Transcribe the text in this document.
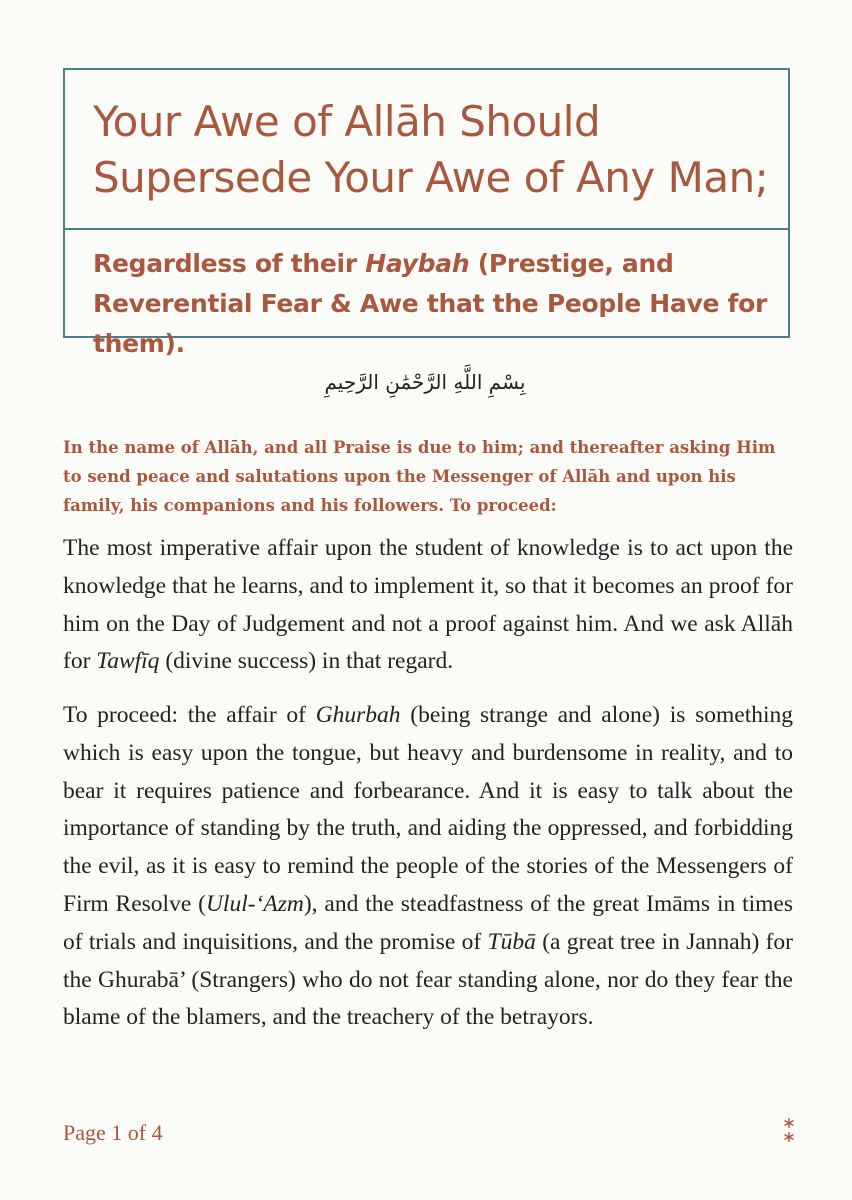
Your Awe of Allāh Should
Supersede Your Awe of Any Man;
Regardless of their Haybah (Prestige, and Reverential Fear & Awe that the People Have for them).
بِسْمِ اللَّهِ الرَّحْمَٰنِ الرَّحِيمِ
In the name of Allāh, and all Praise is due to him; and thereafter asking Him to send peace and salutations upon the Messenger of Allāh and upon his family, his companions and his followers. To proceed:
The most imperative affair upon the student of knowledge is to act upon the knowledge that he learns, and to implement it, so that it becomes an proof for him on the Day of Judgement and not a proof against him. And we ask Allāh for Tawfīq (divine success) in that regard.
To proceed: the affair of Ghurbah (being strange and alone) is something which is easy upon the tongue, but heavy and burdensome in reality, and to bear it requires patience and forbearance. And it is easy to talk about the importance of standing by the truth, and aiding the oppressed, and forbidding the evil, as it is easy to remind the people of the stories of the Messengers of Firm Resolve (Ulul-‘Azm), and the steadfastness of the great Imāms in times of trials and inquisitions, and the promise of Tūbā (a great tree in Jannah) for the Ghurabā’ (Strangers) who do not fear standing alone, nor do they fear the blame of the blamers, and the treachery of the betrayors.
Page 1 of 4
